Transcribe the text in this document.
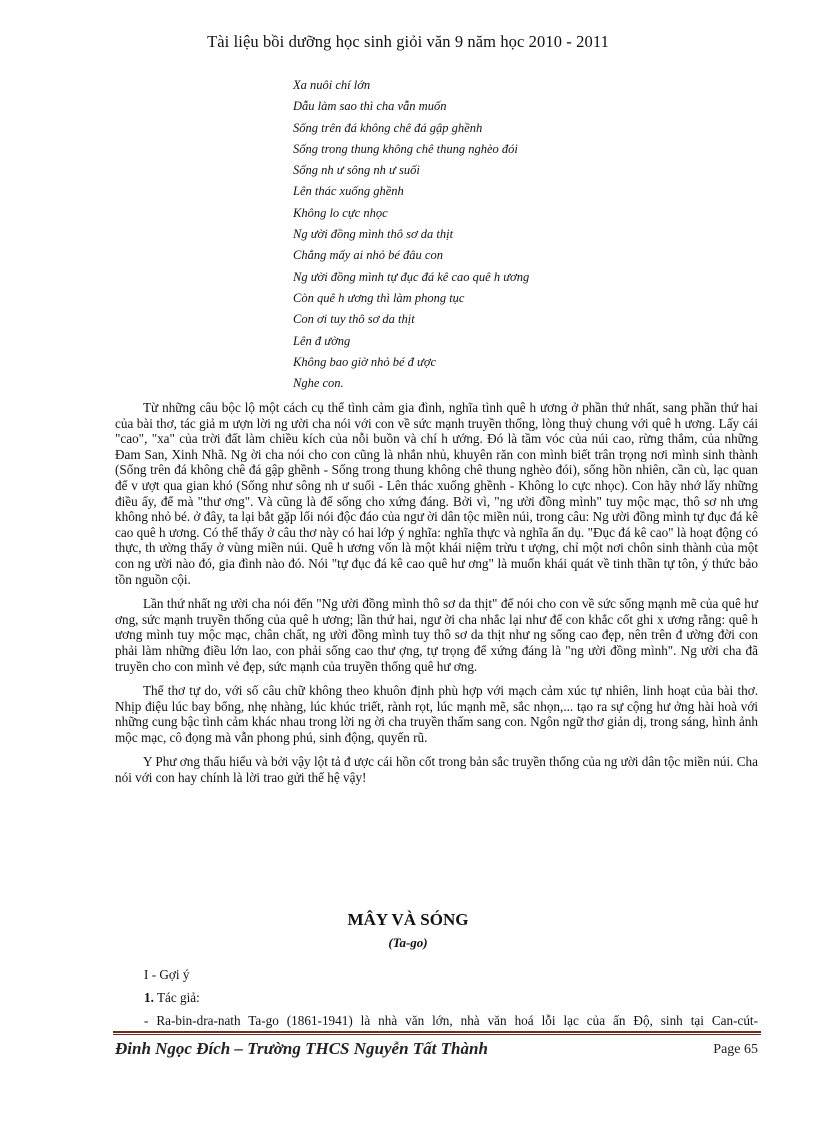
Tài liệu bồi dưỡng học sinh giỏi văn 9 năm học 2010 - 2011
Xa nuôi chí lớn
Dẫu làm sao thì cha vẫn muốn
Sống trên đá không chê đá gập ghềnh
Sống trong thung không chê thung nghèo đói
Sống nh ư sông nh ư suối
Lên thác xuống ghềnh
Không lo cực nhọc
Ng ười đồng mình thô sơ da thịt
Chẳng mấy ai nhỏ bé đâu con
Ng ười đồng mình tự đục đá kê cao quê h ương
Còn quê h ương thì làm phong tục
Con ơi tuy thô sơ da thịt
Lên đ ường
Không bao giờ nhỏ bé đ ược
Nghe con.

Từ những câu bộc lộ một cách cụ thể tình cảm gia đình, nghĩa tình quê h ương ở phần thứ nhất, sang phần thứ hai của bài thơ, tác giả m ượn lời ng ười cha nói với con về sức mạnh truyền thống, lòng thuỷ chung với quê h ương. Lấy cái "cao", "xa" của trời đất làm chiều kích của nỗi buồn và chí h ướng. Đó là tầm vóc của núi cao, rừng thẳm, của những Đam San, Xinh Nhã. Ng ời cha nói cho con cũng là nhắn nhủ, khuyên răn con mình biết trân trọng nơi mình sinh thành (Sống trên đá không chê đá gập ghềnh - Sống trong thung không chê thung nghèo đói), sống hồn nhiên, cần cù, lạc quan để v ượt qua gian khó (Sống như sông nh ư suối - Lên thác xuống ghềnh - Không lo cực nhọc). Con hãy nhớ lấy những điều ấy, để mà "thư ơng". Và cũng là để sống cho xứng đáng. Bởi vì, "ng ười đồng mình" tuy mộc mạc, thô sơ nh ưng không nhỏ bé. ở đây, ta lại bắt gặp lối nói độc đáo của ngư ời dân tộc miền núi, trong câu: Ng ười đồng mình tự đục đá kê cao quê h ương. Có thể thấy ở câu thơ này có hai lớp ý nghĩa: nghĩa thực và nghĩa ẩn dụ. "Đục đá kê cao" là hoạt động có thực, th ường thấy ở vùng miền núi. Quê h ương vốn là một khái niệm trừu t ượng, chỉ một nơi chôn sinh thành của một con ng ười nào đó, gia đình nào đó. Nói "tự đục đá kê cao quê hư ơng" là muốn khái quát về tinh thần tự tôn, ý thức bảo tồn nguồn cội.

Lần thứ nhất ng ười cha nói đến "Ng ười đồng mình thô sơ da thịt" để nói cho con về sức sống mạnh mẽ của quê hư ơng, sức mạnh truyền thống của quê h ương; lần thứ hai, ngư ời cha nhắc lại như để con khắc cốt ghi x ương rằng: quê h ương mình tuy mộc mạc, chân chất, ng ười đồng mình tuy thô sơ da thịt như ng sống cao đẹp, nên trên đ ường đời con phải làm những điều lớn lao, con phải sống cao thư ợng, tự trọng để xứng đáng là "ng ười đồng mình". Ng ười cha đã truyền cho con mình vẻ đẹp, sức mạnh của truyền thống quê hư ơng.

Thể thơ tự do, với số câu chữ không theo khuôn định phù hợp với mạch cảm xúc tự nhiên, linh hoạt của bài thơ. Nhịp điệu lúc bay bổng, nhẹ nhàng, lúc khúc triết, rành rọt, lúc mạnh mẽ, sắc nhọn,... tạo ra sự cộng hư ởng hài hoà với những cung bậc tình cảm khác nhau trong lời ng ời cha truyền thấm sang con. Ngôn ngữ thơ giản dị, trong sáng, hình ảnh mộc mạc, cô đọng mà vẫn phong phú, sinh động, quyến rũ.

Y Phư ơng thấu hiểu và bởi vậy lột tả đ ược cái hồn cốt trong bản sắc truyền thống của ng ười dân tộc miền núi. Cha nói với con hay chính là lời trao gửi thế hệ vậy!

MÂY VÀ SÓNG
(Ta-go)
I - Gợi ý
1. Tác giả:
- Ra-bin-dra-nath Ta-go (1861-1941) là nhà văn lớn, nhà văn hoá lỗi lạc của ấn Độ, sinh tại Can-cút-
Đinh Ngọc Đích – Trường THCS Nguyễn Tất Thành	Page 65
